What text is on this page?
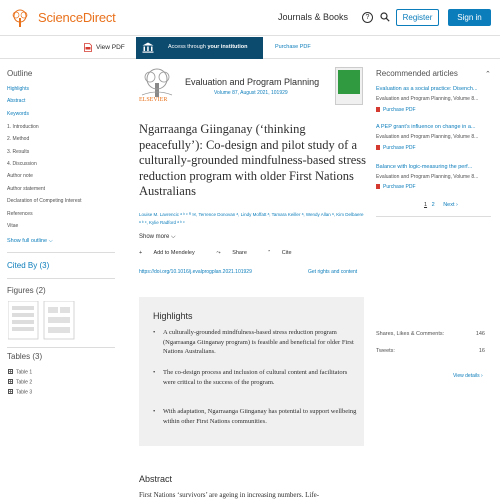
ScienceDirect	Journals & Books	?	Register	Sign in
View PDF	Access through your institution	Purchase PDF
Outline
Highlights
Abstract
Keywords
1. Introduction
2. Method
3. Results
4. Discussion
Author note
Author statement
Declaration of Competing Interest
References
Vitae
Show full outline ⌵
Cited By (3)
Figures (2)
Tables (3)
Table 1
Table 2
Table 3
ELSEVIER
Evaluation and Program Planning
Volume 87, August 2021, 101929
Ngarraanga Giinganay (‘thinking peacefully’): Co-design and pilot study of a culturally-grounded mindfulness-based stress reduction program with older First Nations Australians
Louise M. Lavrencic ᵃ ᵇ ᶜ ᴿ ✉, Terrence Donovan ᵃ, Lindy Moffatt ᵃ, Tamara Keiller ᵃ, Wendy Allan ᵃ, Kim Delbaere ᵃ ᵇ ᶜ, Kylie Radford ᵃ ᵇ ᶜ
Show more ⌵
+ Add to Mendeley	⤳ Share	” Cite
https://doi.org/10.1016/j.evalprogplan.2021.101929	Get rights and content
Highlights
• A culturally-grounded mindfulness-based stress reduction program (Ngarraanga Giinganay program) is feasible and beneficial for older First Nations Australians.
• The co-design process and inclusion of cultural content and facilitators were critical to the success of the program.
• With adaptation, Ngarraanga Giinganay has potential to support wellbeing within other First Nations communities.
Abstract
First Nations ‘survivors’ are ageing in increasing numbers. Life-
Recommended articles	⌃
Evaluation as a social practice: Disench...
Evaluation and Program Planning, Volume 8...
Purchase PDF
A PEP grant’s influence on change in a...
Evaluation and Program Planning, Volume 8...
Purchase PDF
Balance with logic-measuring the perf...
Evaluation and Program Planning, Volume 8...
Purchase PDF
1 2 Next ›
Shares, Likes & Comments:	146
Tweets:	16
View details ›
